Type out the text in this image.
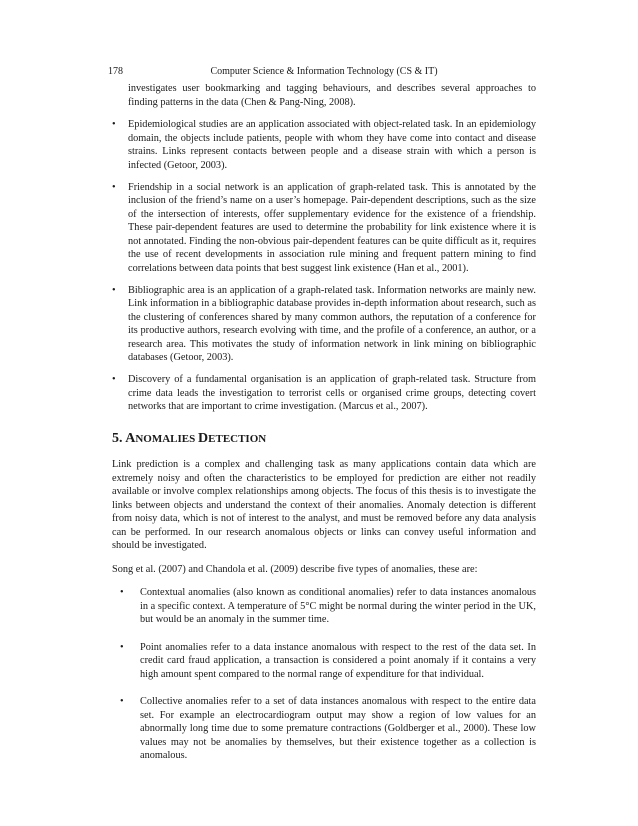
178	Computer Science & Information Technology (CS & IT)
investigates user bookmarking and tagging behaviours, and describes several approaches to finding patterns in the data (Chen & Pang-Ning, 2008).
• Epidemiological studies are an application associated with object-related task. In an epidemiology domain, the objects include patients, people with whom they have come into contact and disease strains. Links represent contacts between people and a disease strain with which a person is infected (Getoor, 2003).
• Friendship in a social network is an application of graph-related task. This is annotated by the inclusion of the friend’s name on a user’s homepage. Pair-dependent descriptions, such as the size of the intersection of interests, offer supplementary evidence for the existence of a friendship. These pair-dependent features are used to determine the probability for link existence where it is not annotated. Finding the non-obvious pair-dependent features can be quite difficult as it, requires the use of recent developments in association rule mining and frequent pattern mining to find correlations between data points that best suggest link existence (Han et al., 2001).
• Bibliographic area is an application of a graph-related task. Information networks are mainly new. Link information in a bibliographic database provides in-depth information about research, such as the clustering of conferences shared by many common authors, the reputation of a conference for its productive authors, research evolving with time, and the profile of a conference, an author, or a research area. This motivates the study of information network in link mining on bibliographic databases (Getoor, 2003).
• Discovery of a fundamental organisation is an application of graph-related task. Structure from crime data leads the investigation to terrorist cells or organised crime groups, detecting covert networks that are important to crime investigation. (Marcus et al., 2007).
5. ANOMALIES DETECTION

Link prediction is a complex and challenging task as many applications contain data which are extremely noisy and often the characteristics to be employed for prediction are either not readily available or involve complex relationships among objects. The focus of this thesis is to investigate the links between objects and understand the context of their anomalies. Anomaly detection is different from noisy data, which is not of interest to the analyst, and must be removed before any data analysis can be performed. In our research anomalous objects or links can convey useful information and should be investigated.

Song et al. (2007) and Chandola et al. (2009) describe five types of anomalies, these are:

• Contextual anomalies (also known as conditional anomalies) refer to data instances anomalous in a specific context. A temperature of 5°C might be normal during the winter period in the UK, but would be an anomaly in the summer time.
• Point anomalies refer to a data instance anomalous with respect to the rest of the data set. In credit card fraud application, a transaction is considered a point anomaly if it contains a very high amount spent compared to the normal range of expenditure for that individual.
• Collective anomalies refer to a set of data instances anomalous with respect to the entire data set. For example an electrocardiogram output may show a region of low values for an abnormally long time due to some premature contractions (Goldberger et al., 2000). These low values may not be anomalies by themselves, but their existence together as a collection is anomalous.
